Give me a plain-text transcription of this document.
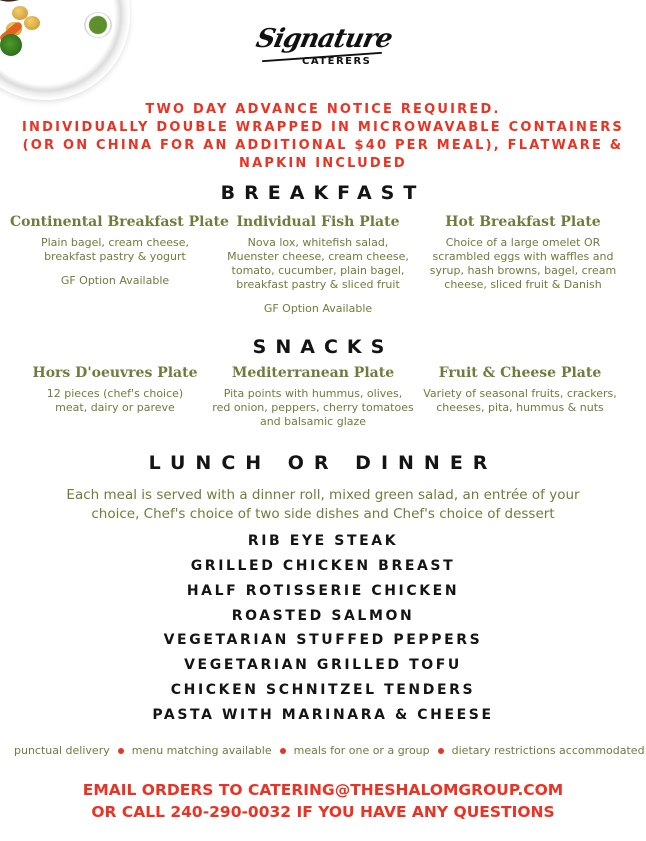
Signature
CATERERS
TWO DAY ADVANCE NOTICE REQUIRED.
INDIVIDUALLY DOUBLE WRAPPED IN MICROWAVABLE CONTAINERS
(OR ON CHINA FOR AN ADDITIONAL $40 PER MEAL), FLATWARE &
NAPKIN INCLUDED
BREAKFAST
Continental Breakfast Plate
Plain bagel, cream cheese,
breakfast pastry & yogurt
GF Option Available
Individual Fish Plate
Nova lox, whitefish salad,
Muenster cheese, cream cheese,
tomato, cucumber, plain bagel,
breakfast pastry & sliced fruit
GF Option Available
Hot Breakfast Plate
Choice of a large omelet OR
scrambled eggs with waffles and
syrup, hash browns, bagel, cream
cheese, sliced fruit & Danish
SNACKS
Hors D'oeuvres Plate
12 pieces (chef's choice)
meat, dairy or pareve
Mediterranean Plate
Pita points with hummus, olives,
red onion, peppers, cherry tomatoes
and balsamic glaze
Fruit & Cheese Plate
Variety of seasonal fruits, crackers,
cheeses, pita, hummus & nuts
LUNCH OR DINNER
Each meal is served with a dinner roll, mixed green salad, an entrée of your
choice, Chef's choice of two side dishes and Chef's choice of dessert
RIB EYE STEAK
GRILLED CHICKEN BREAST
HALF ROTISSERIE CHICKEN
ROASTED SALMON
VEGETARIAN STUFFED PEPPERS
VEGETARIAN GRILLED TOFU
CHICKEN SCHNITZEL TENDERS
PASTA WITH MARINARA & CHEESE
punctual delivery menu matching available meals for one or a group dietary restrictions accommodated
EMAIL ORDERS TO CATERING@THESHALOMGROUP.COM
OR CALL 240-290-0032 IF YOU HAVE ANY QUESTIONS
